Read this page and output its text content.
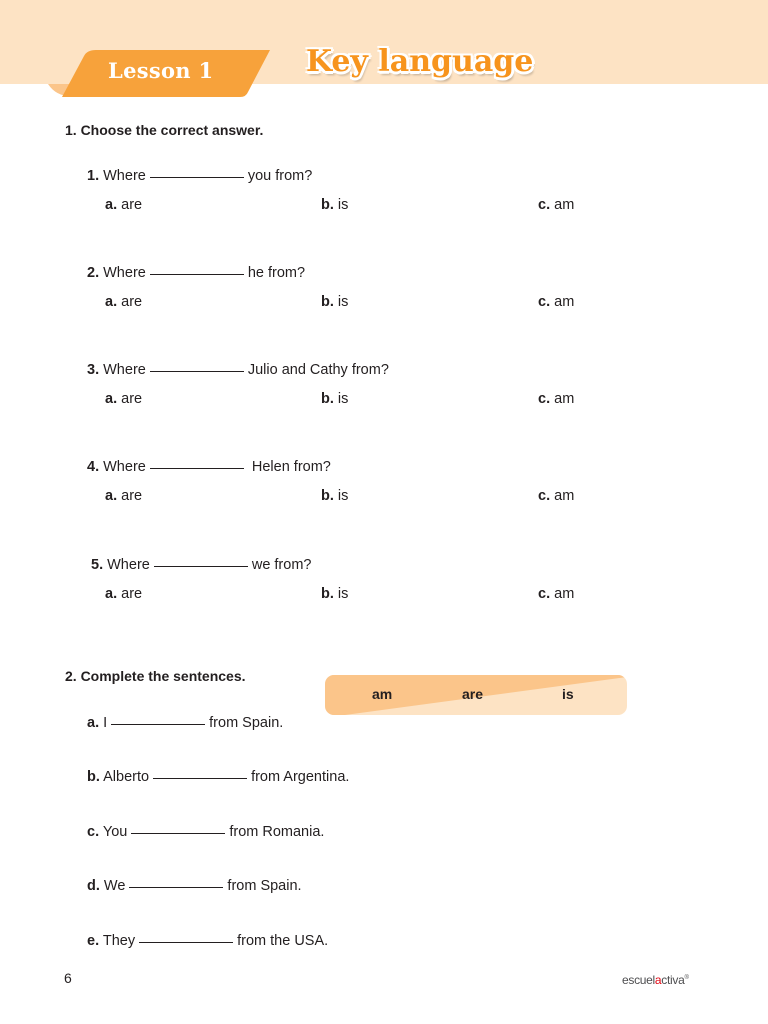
Lesson 1	Key language
1. Choose the correct answer.
1. Where	you from?
a. are	b. is	c. am
2. Where	he from?
a. are	b. is	c. am
3. Where	Julio and Cathy from?
a. are	b. is	c. am
4. Where	Helen from?
a. are	b. is	c. am
5. Where	we from?
a. are	b. is	c. am
2. Complete the sentences.
am	are	is
a. I	from Spain.
b. Alberto	from Argentina.
c. You	from Romania.
d. We	from Spain.
e. They	from the USA.
6	escuelactiva®
